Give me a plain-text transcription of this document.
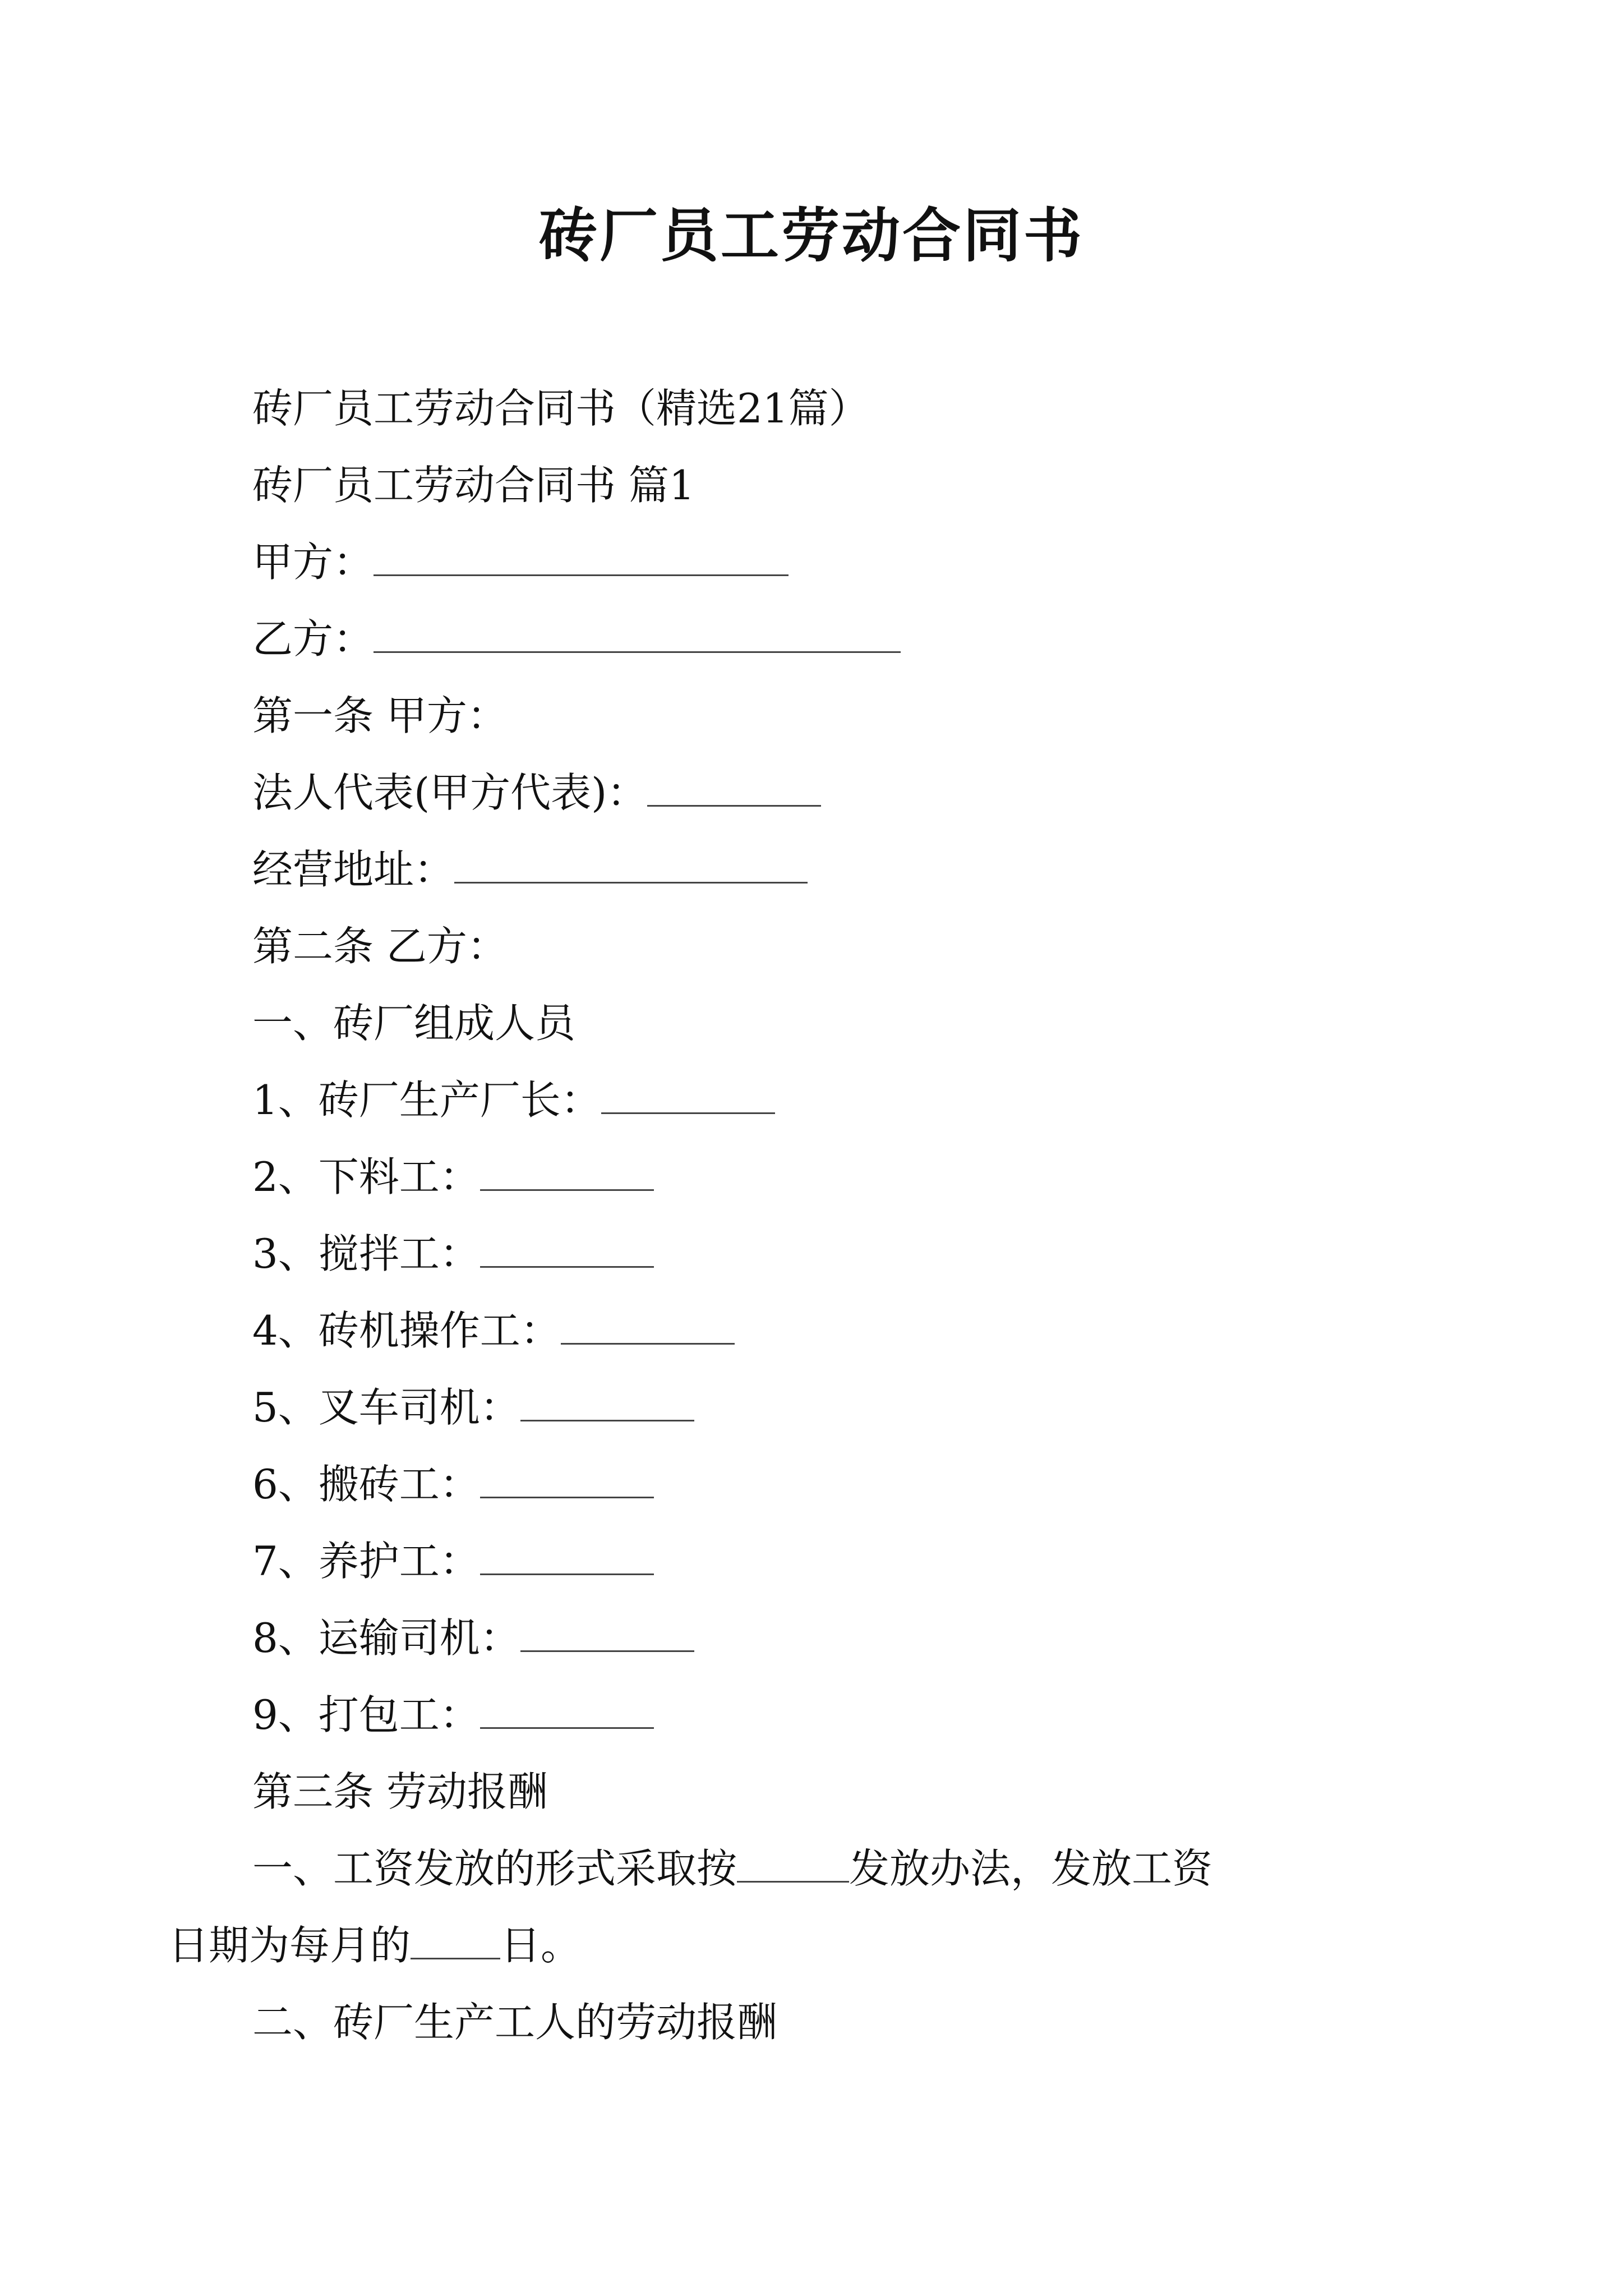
砖厂员工劳动合同书
砖厂员工劳动合同书（精选21篇）
砖厂员工劳动合同书 篇1
甲方：
乙方：
第一条 甲方：
法人代表(甲方代表)：
经营地址：
第二条 乙方：
一、砖厂组成人员
1、砖厂生产厂长：
2、下料工：
3、搅拌工：
4、砖机操作工：
5、叉车司机：
6、搬砖工：
7、养护工：
8、运输司机：
9、打包工：
第三条 劳动报酬
一、工资发放的形式采取按	发放办法，发放工资
日期为每月的 日。
二、砖厂生产工人的劳动报酬
